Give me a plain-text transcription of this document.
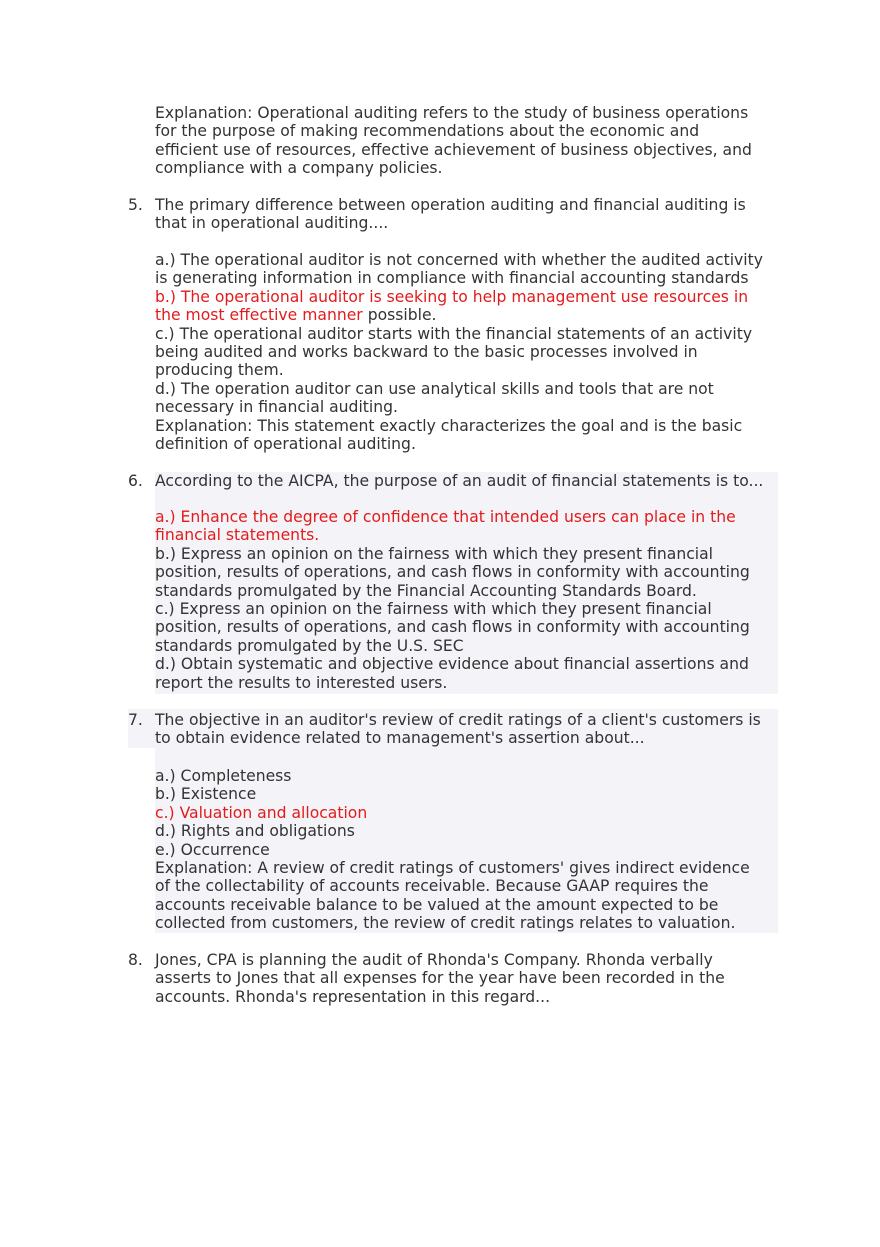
Explanation: Operational auditing refers to the study of business operations
for the purpose of making recommendations about the economic and
efficient use of resources, effective achievement of business objectives, and
compliance with a company policies.
5. The primary difference between operation auditing and financial auditing is
that in operational auditing....
a.) The operational auditor is not concerned with whether the audited activity
is generating information in compliance with financial accounting standards
b.) The operational auditor is seeking to help management use resources in
the most effective manner possible.
c.) The operational auditor starts with the financial statements of an activity
being audited and works backward to the basic processes involved in
producing them.
d.) The operation auditor can use analytical skills and tools that are not
necessary in financial auditing.
Explanation: This statement exactly characterizes the goal and is the basic
definition of operational auditing.
6. According to the AICPA, the purpose of an audit of financial statements is to...
a.) Enhance the degree of confidence that intended users can place in the
financial statements.
b.) Express an opinion on the fairness with which they present financial
position, results of operations, and cash flows in conformity with accounting
standards promulgated by the Financial Accounting Standards Board.
c.) Express an opinion on the fairness with which they present financial
position, results of operations, and cash flows in conformity with accounting
standards promulgated by the U.S. SEC
d.) Obtain systematic and objective evidence about financial assertions and
report the results to interested users.
7. The objective in an auditor's review of credit ratings of a client's customers is
to obtain evidence related to management's assertion about...
a.) Completeness
b.) Existence
c.) Valuation and allocation
d.) Rights and obligations
e.) Occurrence
Explanation: A review of credit ratings of customers' gives indirect evidence
of the collectability of accounts receivable. Because GAAP requires the
accounts receivable balance to be valued at the amount expected to be
collected from customers, the review of credit ratings relates to valuation.
8. Jones, CPA is planning the audit of Rhonda's Company. Rhonda verbally
asserts to Jones that all expenses for the year have been recorded in the
accounts. Rhonda's representation in this regard...
